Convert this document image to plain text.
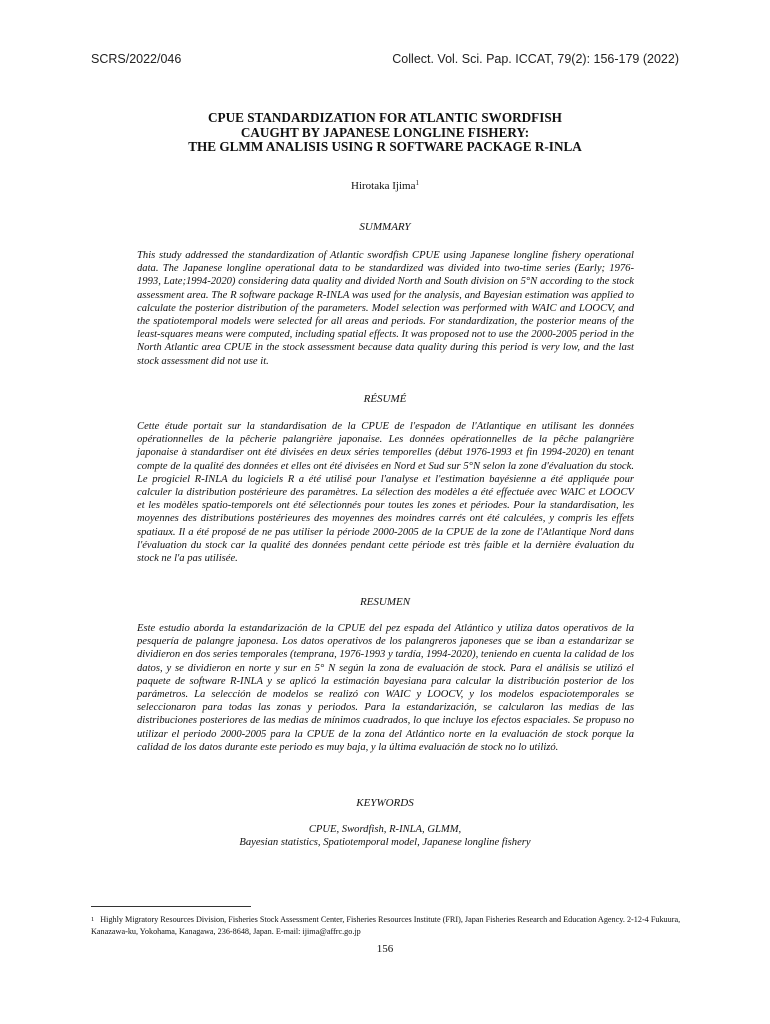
SCRS/2022/046	Collect. Vol. Sci. Pap. ICCAT, 79(2): 156-179 (2022)
CPUE STANDARDIZATION FOR ATLANTIC SWORDFISH
CAUGHT BY JAPANESE LONGLINE FISHERY:
THE GLMM ANALISIS USING R SOFTWARE PACKAGE R-INLA
Hirotaka Ijima$^1$
SUMMARY

This study addressed the standardization of Atlantic swordfish CPUE using Japanese longline fishery operational data. The Japanese longline operational data to be standardized was divided into two-time series (Early; 1976-1993, Late;1994-2020) considering data quality and divided North and South division on 5°N according to the stock assessment area. The R software package R-INLA was used for the analysis, and Bayesian estimation was applied to calculate the posterior distribution of the parameters. Model selection was performed with WAIC and LOOCV, and the spatiotemporal models were selected for all areas and periods. For standardization, the posterior means of the least-squares means were computed, including spatial effects. It was proposed not to use the 2000-2005 period in the North Atlantic area CPUE in the stock assessment because data quality during this period is very low, and the last stock assessment did not use it.

RÉSUMÉ

Cette étude portait sur la standardisation de la CPUE de l'espadon de l'Atlantique en utilisant les données opérationnelles de la pêcherie palangrière japonaise. Les données opérationnelles de la pêche palangrière japonaise à standardiser ont été divisées en deux séries temporelles (début 1976-1993 et fin 1994-2020) en tenant compte de la qualité des données et elles ont été divisées en Nord et Sud sur 5°N selon la zone d'évaluation du stock. Le progiciel R-INLA du logiciels R a été utilisé pour l'analyse et l'estimation bayésienne a été appliquée pour calculer la distribution postérieure des paramètres. La sélection des modèles a été effectuée avec WAIC et LOOCV et les modèles spatio-temporels ont été sélectionnés pour toutes les zones et périodes. Pour la standardisation, les moyennes des distributions postérieures des moyennes des moindres carrés ont été calculées, y compris les effets spatiaux. Il a été proposé de ne pas utiliser la période 2000-2005 de la CPUE de la zone de l'Atlantique Nord dans l'évaluation du stock car la qualité des données pendant cette période est très faible et la dernière évaluation du stock ne l'a pas utilisée.

RESUMEN

Este estudio aborda la estandarización de la CPUE del pez espada del Atlántico y utiliza datos operativos de la pesquería de palangre japonesa. Los datos operativos de los palangreros japoneses que se iban a estandarizar se dividieron en dos series temporales (temprana, 1976-1993 y tardía, 1994-2020), teniendo en cuenta la calidad de los datos, y se dividieron en norte y sur en 5° N según la zona de evaluación de stock. Para el análisis se utilizó el paquete de software R-INLA y se aplicó la estimación bayesiana para calcular la distribución posterior de los parámetros. La selección de modelos se realizó con WAIC y LOOCV, y los modelos espaciotemporales se seleccionaron para todas las zonas y periodos. Para la estandarización, se calcularon las medias de las distribuciones posteriores de las medias de mínimos cuadrados, lo que incluye los efectos espaciales. Se propuso no utilizar el periodo 2000-2005 para la CPUE de la zona del Atlántico norte en la evaluación de stock porque la calidad de los datos durante este periodo es muy baja, y la última evaluación de stock no lo utilizó.

KEYWORDS
CPUE, Swordfish, R-INLA, GLMM,
Bayesian statistics, Spatiotemporal model, Japanese longline fishery

$^1$ Highly Migratory Resources Division, Fisheries Stock Assessment Center, Fisheries Resources Institute (FRI), Japan Fisheries Research and Education Agency. 2-12-4 Fukuura, Kanazawa-ku, Yokohama, Kanagawa, 236-8648, Japan. E-mail: ijima@affrc.go.jp

156
